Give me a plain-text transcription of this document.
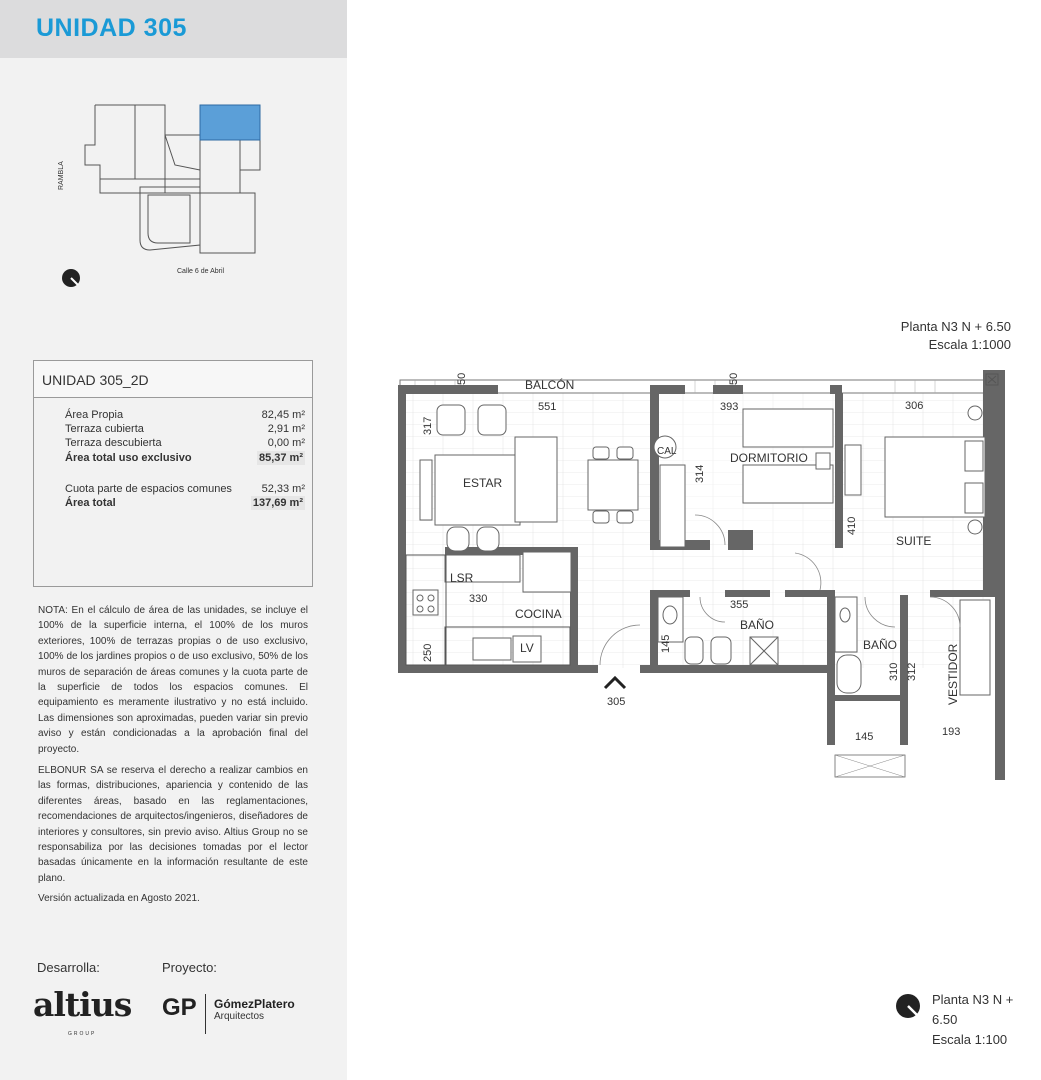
UNIDAD 305
RAMBLA
Calle 6 de Abril
Planta N3 N + 6.50
Escala 1:1000
UNIDAD 305_2D
Área Propia	82,45 m²
Terraza cubierta	2,91 m²
Terraza descubierta	0,00 m²
Área total uso exclusivo	85,37 m²
Cuota parte de espacios comunes	52,33 m²
Área total	137,69 m²
NOTA: En el cálculo de área de las unidades, se incluye el 100% de la superficie interna, el 100% de los muros exteriores, 100% de terrazas propias o de uso exclusivo, 100% de los jardines propios o de uso exclusivo, 50% de los muros de separación de áreas comunes y la cuota parte de la superficie de todos los espacios comunes. El equipamiento es meramente ilustrativo y no está incluido. Las dimensiones son aproximadas, pueden variar sin previo aviso y están condicionadas a la aprobación final del proyecto.
ELBONUR SA se reserva el derecho a realizar cambios en las formas, distribuciones, apariencia y contenido de las diferentes áreas, basado en las reglamentaciones, recomendaciones de arquitectos/ingenieros, diseñadores de interiores y consultores, sin previo aviso. Altius Group no se responsabiliza por las decisiones tomadas por el lector basadas únicamente en la información resultante de este plano.
Versión actualizada en Agosto 2021.
Desarrolla:	Proyecto:
altius
GROUP
GP GómezPlatero
Arquitectos
BALCÓN
ESTAR
COCINA
LSR
LV
CAL	DORMITORIO
SUITE
BAÑO
BAÑO	VESTIDOR
50	50
551	393	306
317
314
410
330	355
250	145
310 312
145	193
305
Planta N3 N + 6.50
Escala 1:100
